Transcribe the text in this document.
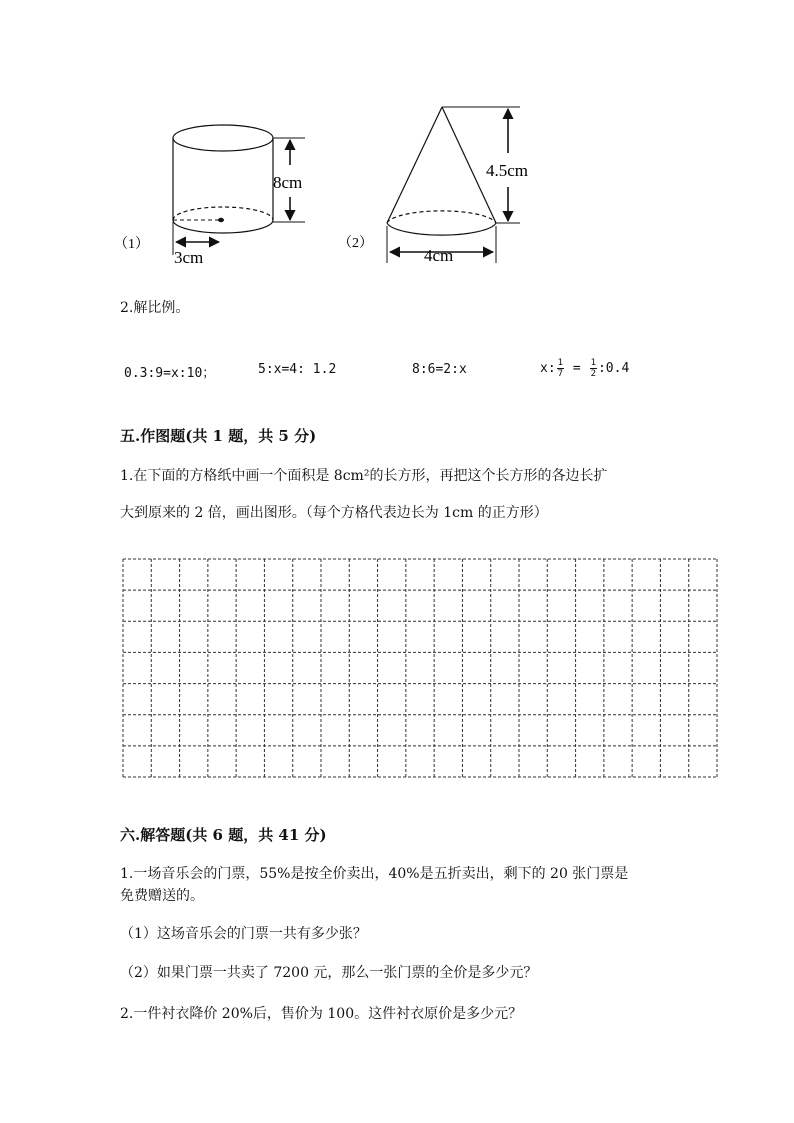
8cm
3cm
（1）
4.5cm
4cm
（2）
2.解比例。
0.3:9=x:10；	5:x=4: 1.2	8:6=2:x	x: $\frac{1}{7} = \frac{1}{2}$ :0.4
五.作图题(共 1 题，共 5 分)
1.在下面的方格纸中画一个面积是 8cm²的长方形，再把这个长方形的各边长扩
大到原来的 2 倍，画出图形。（每个方格代表边长为 1cm 的正方形）
六.解答题(共 6 题，共 41 分)
1.一场音乐会的门票，55%是按全价卖出，40%是五折卖出，剩下的 20 张门票是
免费赠送的。
（1）这场音乐会的门票一共有多少张？
（2）如果门票一共卖了 7200 元，那么一张门票的全价是多少元？
2.一件衬衣降价 20%后，售价为 100。这件衬衣原价是多少元？
